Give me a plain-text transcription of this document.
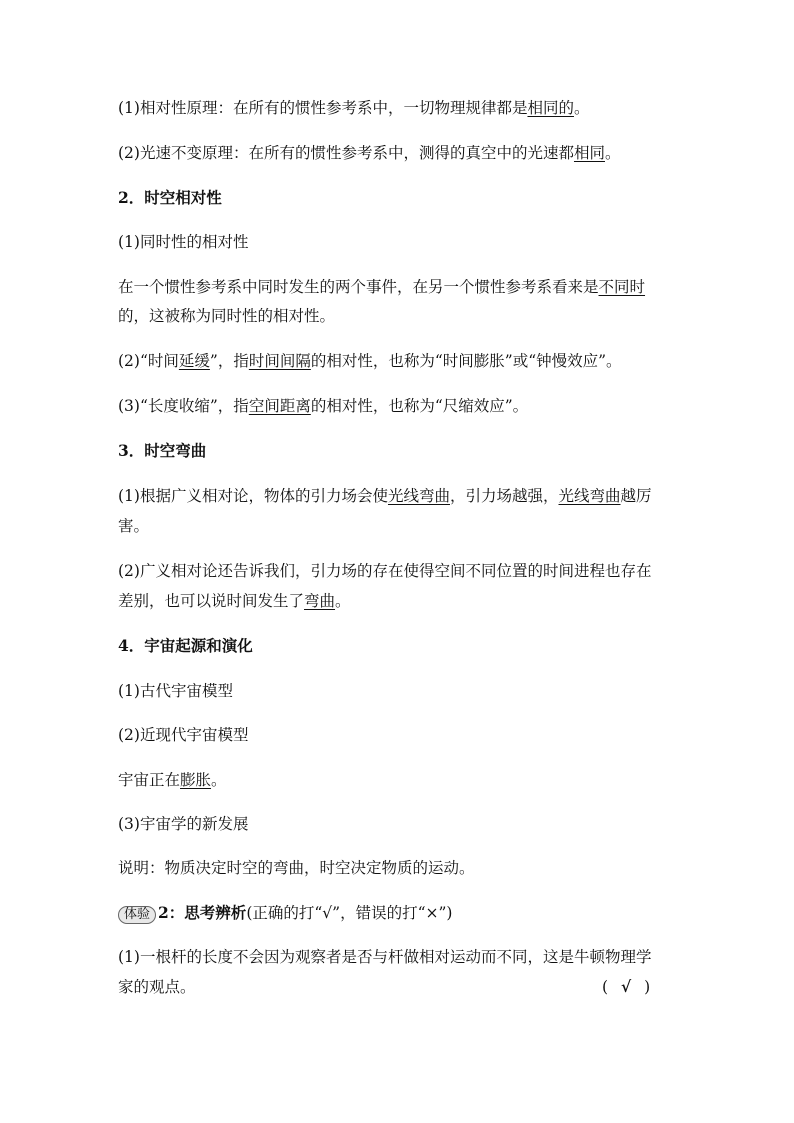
(1)相对性原理：在所有的惯性参考系中，一切物理规律都是相同的。
(2)光速不变原理：在所有的惯性参考系中，测得的真空中的光速都相同。
2．时空相对性
(1)同时性的相对性
在一个惯性参考系中同时发生的两个事件，在另一个惯性参考系看来是不同时
的，这被称为同时性的相对性。
(2)“时间延缓”，指时间间隔的相对性，也称为“时间膨胀”或“钟慢效应”。
(3)“长度收缩”，指空间距离的相对性，也称为“尺缩效应”。
3．时空弯曲
(1)根据广义相对论，物体的引力场会使光线弯曲，引力场越强，光线弯曲越厉
害。
(2)广义相对论还告诉我们，引力场的存在使得空间不同位置的时间进程也存在
差别，也可以说时间发生了弯曲。
4．宇宙起源和演化
(1)古代宇宙模型
(2)近现代宇宙模型
宇宙正在膨胀。
(3)宇宙学的新发展
说明：物质决定时空的弯曲，时空决定物质的运动。
体验 2：思考辨析(正确的打“√”，错误的打“×”)
(1)一根杆的长度不会因为观察者是否与杆做相对运动而不同，这是牛顿物理学
家的观点。	( √ )
